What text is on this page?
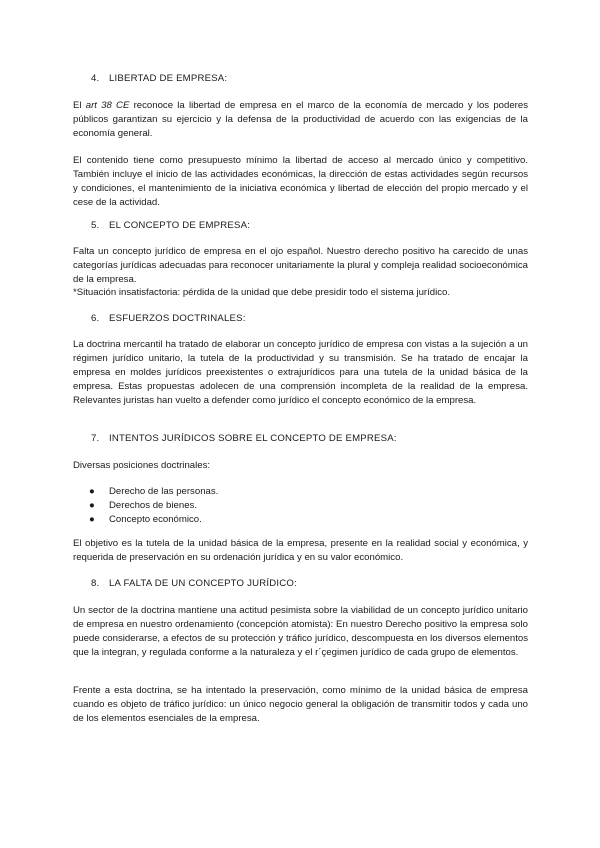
4. LIBERTAD DE EMPRESA:

El art 38 CE reconoce la libertad de empresa en el marco de la economía de mercado y los poderes públicos garantizan su ejercicio y la defensa de la productividad de acuerdo con las exigencias de la economía general.

El contenido tiene como presupuesto mínimo la libertad de acceso al mercado único y competitivo. También incluye el inicio de las actividades económicas, la dirección de estas actividades según recursos y condiciones, el mantenimiento de la iniciativa económica y libertad de elección del propio mercado y el cese de la actividad.
5. EL CONCEPTO DE EMPRESA:
Falta un concepto jurídico de empresa en el ojo español. Nuestro derecho positivo ha carecido de unas categorías jurídicas adecuadas para reconocer unitariamente la plural y compleja realidad socioeconómica de la empresa.
*Situación insatisfactoria: pérdida de la unidad que debe presidir todo el sistema jurídico.
6. ESFUERZOS DOCTRINALES:
La doctrina mercantil ha tratado de elaborar un concepto jurídico de empresa con vistas a la sujeción a un régimen jurídico unitario, la tutela de la productividad y su transmisión. Se ha tratado de encajar la empresa en moldes jurídicos preexistentes o extrajurídicos para una tutela de la unidad básica de la empresa. Estas propuestas adolecen de una comprensión incompleta de la realidad de la empresa. Relevantes juristas han vuelto a defender como jurídico el concepto económico de la empresa.
7. INTENTOS JURÍDICOS SOBRE EL CONCEPTO DE EMPRESA:
Diversas posiciones doctrinales:
● Derecho de las personas.
● Derechos de bienes.
● Concepto económico.
El objetivo es la tutela de la unidad básica de la empresa, presente en la realidad social y económica, y requerida de preservación en su ordenación jurídica y en su valor económico.
8. LA FALTA DE UN CONCEPTO JURÍDICO:
Un sector de la doctrina mantiene una actitud pesimista sobre la viabilidad de un concepto jurídico unitario de empresa en nuestro ordenamiento (concepción atomista): En nuestro Derecho positivo la empresa solo puede considerarse, a efectos de su protección y tráfico jurídico, descompuesta en los diversos elementos que la integran, y regulada conforme a la naturaleza y el r´çegimen jurídico de cada grupo de elementos.
Frente a esta doctrina, se ha intentado la preservación, como mínimo de la unidad básica de empresa cuando es objeto de tráfico jurídico: un único negocio general la obligación de transmitir todos y cada uno de los elementos esenciales de la empresa.
